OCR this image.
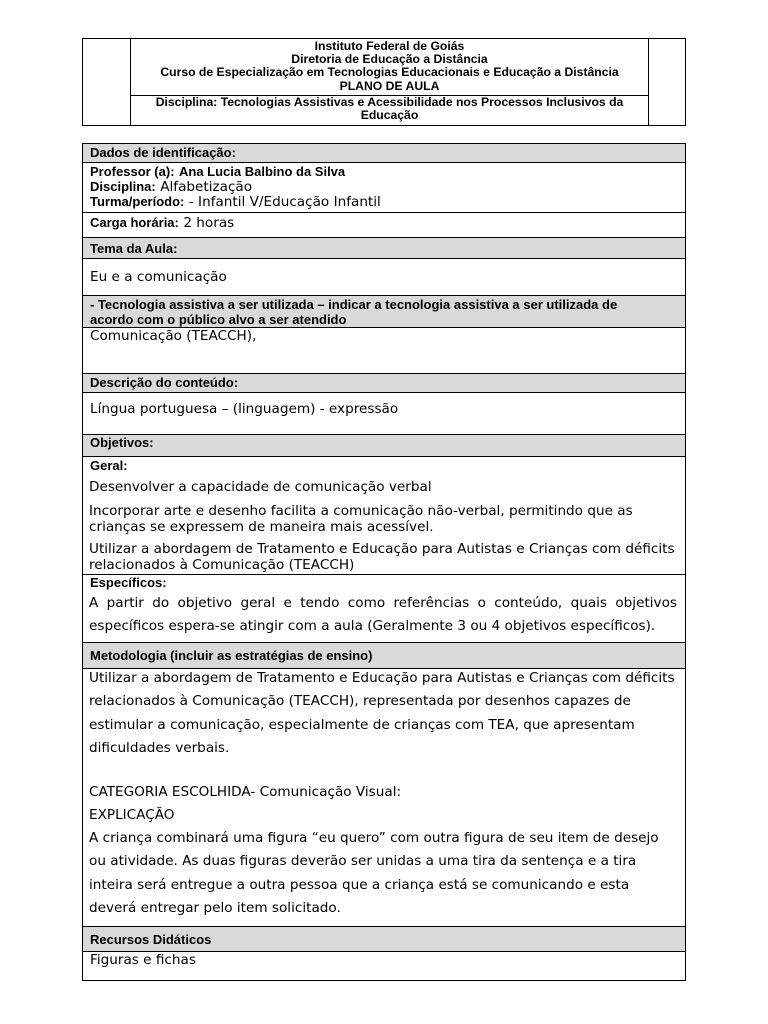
Instituto Federal de Goiás
Diretoria de Educação a Distância
Curso de Especialização em Tecnologias Educacionais e Educação a Distância
PLANO DE AULA
Disciplina: Tecnologias Assistivas e Acessibilidade nos Processos Inclusivos da
Educação
Dados de identificação:
Professor (a): Ana Lucia Balbino da Silva
Disciplina: Alfabetização
Turma/período: - Infantil V/Educação Infantil
Carga horária: 2 horas
Tema da Aula:
Eu e a comunicação
- Tecnologia assistiva a ser utilizada – indicar a tecnologia assistiva a ser utilizada de
acordo com o público alvo a ser atendido
Comunicação (TEACCH),
Descrição do conteúdo:
Língua portuguesa – (linguagem) - expressão
Objetivos:
Geral:
Desenvolver a capacidade de comunicação verbal
Incorporar arte e desenho facilita a comunicação não-verbal, permitindo que as crianças se expressem de maneira mais acessível.
Utilizar a abordagem de Tratamento e Educação para Autistas e Crianças com déficits relacionados à Comunicação (TEACCH)
Específicos:
A partir do objetivo geral e tendo como referências o conteúdo, quais objetivos específicos espera-se atingir com a aula (Geralmente 3 ou 4 objetivos específicos).
Metodologia (incluir as estratégias de ensino)
Utilizar a abordagem de Tratamento e Educação para Autistas e Crianças com déficits relacionados à Comunicação (TEACCH), representada por desenhos capazes de estimular a comunicação, especialmente de crianças com TEA, que apresentam dificuldades verbais.
CATEGORIA ESCOLHIDA- Comunicação Visual:
EXPLICAÇÃO
A criança combinará uma figura “eu quero” com outra figura de seu item de desejo ou atividade. As duas figuras deverão ser unidas a uma tira da sentença e a tira inteira será entregue a outra pessoa que a criança está se comunicando e esta deverá entregar pelo item solicitado.
Recursos Didáticos
Figuras e fichas
